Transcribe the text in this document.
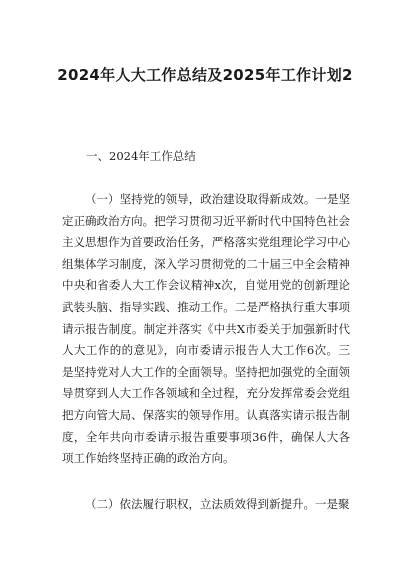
2024年人大工作总结及2025年工作计划2
一、2024年工作总结

（一）坚持党的领导，政治建设取得新成效。一是坚定正确政治方向。把学习贯彻习近平新时代中国特色社会主义思想作为首要政治任务，严格落实党组理论学习中心组集体学习制度，深入学习贯彻党的二十届三中全会精神中央和省委人大工作会议精神x次，自觉用党的创新理论武装头脑、指导实践、推动工作。二是严格执行重大事项请示报告制度。制定并落实《中共X市委关于加强新时代人大工作的的意见》，向市委请示报告人大工作6次。三是坚持党对人大工作的全面领导。坚持把加强党的全面领导贯穿到人大工作各领域和全过程，充分发挥常委会党组把方向管大局、保落实的领导作用。认真落实请示报告制度，全年共向市委请示报告重要事项36件，确保人大各项工作始终坚持正确的政治方向。

（二）依法履行职权，立法质效得到新提升。一是聚
